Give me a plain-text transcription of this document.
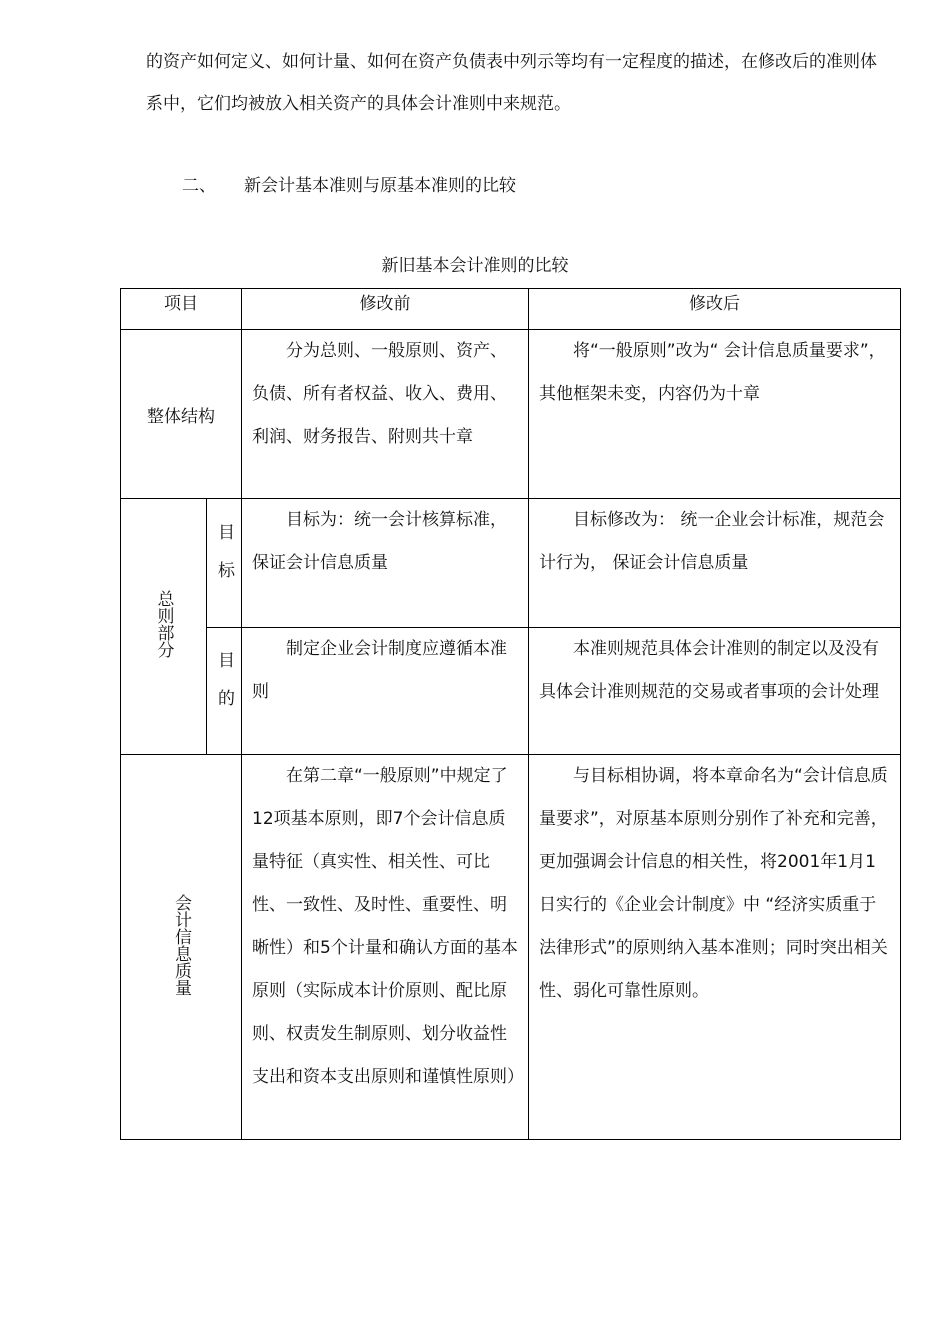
的资产如何定义、如何计量、如何在资产负债表中列示等均有一定程度的描述，在修改后的准则体系中，它们均被放入相关资产的具体会计准则中来规范。

二、 新会计基本准则与原基本准则的比较
新旧基本会计准则的比较
项目		修改前	修改后
整体结构		分为总则、一般原则、资产、负债、所有者权益、收入、费用、利润、财务报告、附则共十章	将“一般原则”改为“ 会计信息质量要求”，其他框架未变，内容仍为十章

总则部分	目标	目标为：统一会计核算标准，保证会计信息质量	目标修改为： 统一企业会计标准，规范会计行为， 保证会计信息质量

	目的	制定企业会计制度应遵循本准则	本准则规范具体会计准则的制定以及没有具体会计准则规范的交易或者事项的会计处理

会计信息质量		在第二章“一般原则”中规定了12项基本原则，即7个会计信息质量特征（真实性、相关性、可比性、一致性、及时性、重要性、明晰性）和5个计量和确认方面的基本原则（实际成本计价原则、配比原则、权责发生制原则、划分收益性支出和资本支出原则和谨慎性原则）	与目标相协调，将本章命名为“会计信息质量要求”，对原基本原则分别作了补充和完善，更加强调会计信息的相关性，将2001年1月1日实行的《企业会计制度》中 “经济实质重于法律形式”的原则纳入基本准则；同时突出相关性、弱化可靠性原则。
